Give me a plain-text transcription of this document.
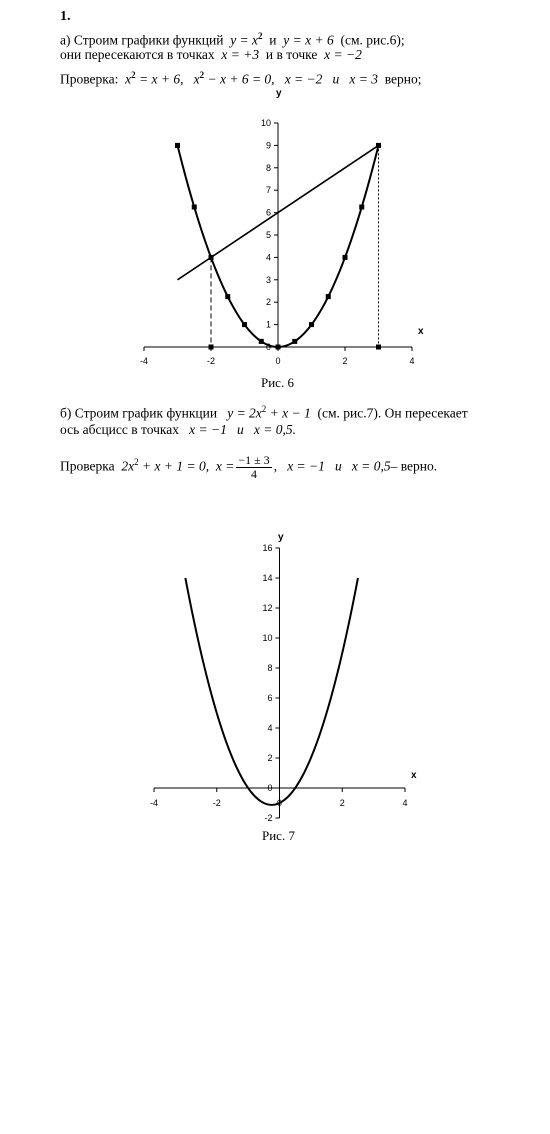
1.
а) Строим графики функций $y = x^2$ и y = x + 6 (см. рис.6);
они пересекаются в точках x = +3 и в точке x = −2
Проверка: $x^2 = x + 6$, $x^2 - x + 6 = 0$, x = −2 и x = 3 верно;
-4	-2	0	2	4
0
1
2
3
4
5
6
7
8
9
10
x
y
Рис. 6
б) Строим график функции $y = 2x^2 + x - 1$ (см. рис.7). Он пересекает
ось абсцисс в точках x = −1 и x = 0,5.
Проверка $2x^2 + x + 1 = 0$, $x = \frac{-1 \pm 3}{4}$ ,   x = −1 и x = 0,5– верно.
-4	-2	0	2	4
-2
0
2
4
6
8
10
12
14
16
x
y
Рис. 7
